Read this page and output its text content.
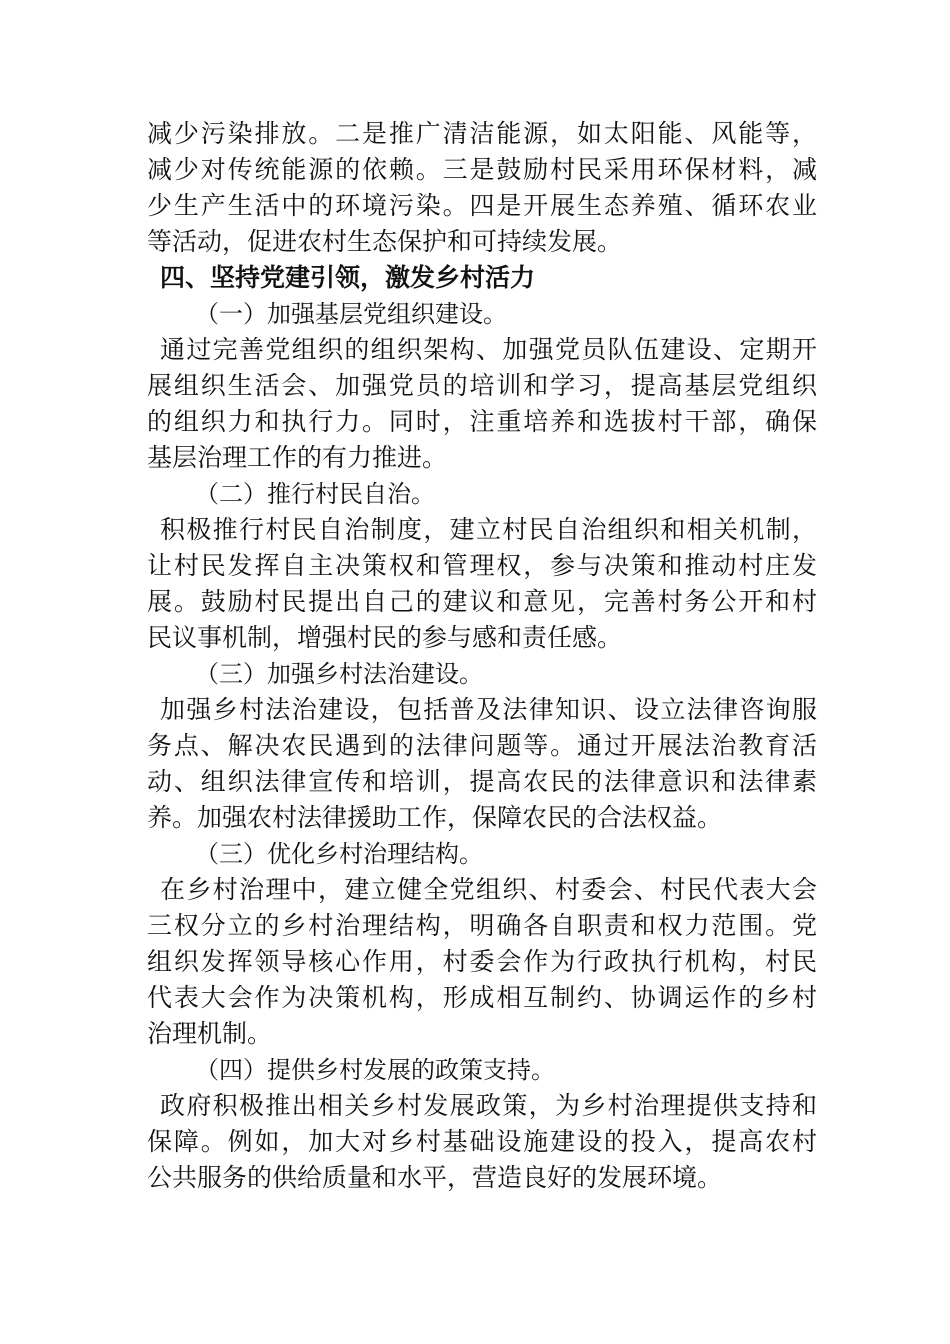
减少污染排放。二是推广清洁能源，如太阳能、风能等，
减少对传统能源的依赖。三是鼓励村民采用环保材料，减
少生产生活中的环境污染。四是开展生态养殖、循环农业
等活动，促进农村生态保护和可持续发展。
四、坚持党建引领，激发乡村活力
（一）加强基层党组织建设。
通过完善党组织的组织架构、加强党员队伍建设、定期开
展组织生活会、加强党员的培训和学习，提高基层党组织
的组织力和执行力。同时，注重培养和选拔村干部，确保
基层治理工作的有力推进。
（二）推行村民自治。
积极推行村民自治制度，建立村民自治组织和相关机制，
让村民发挥自主决策权和管理权，参与决策和推动村庄发
展。鼓励村民提出自己的建议和意见，完善村务公开和村
民议事机制，增强村民的参与感和责任感。
（三）加强乡村法治建设。
加强乡村法治建设，包括普及法律知识、设立法律咨询服
务点、解决农民遇到的法律问题等。通过开展法治教育活
动、组织法律宣传和培训，提高农民的法律意识和法律素
养。加强农村法律援助工作，保障农民的合法权益。
（三）优化乡村治理结构。
在乡村治理中，建立健全党组织、村委会、村民代表大会
三权分立的乡村治理结构，明确各自职责和权力范围。党
组织发挥领导核心作用，村委会作为行政执行机构，村民
代表大会作为决策机构，形成相互制约、协调运作的乡村
治理机制。
（四）提供乡村发展的政策支持。
政府积极推出相关乡村发展政策，为乡村治理提供支持和
保障。例如，加大对乡村基础设施建设的投入，提高农村
公共服务的供给质量和水平，营造良好的发展环境。
